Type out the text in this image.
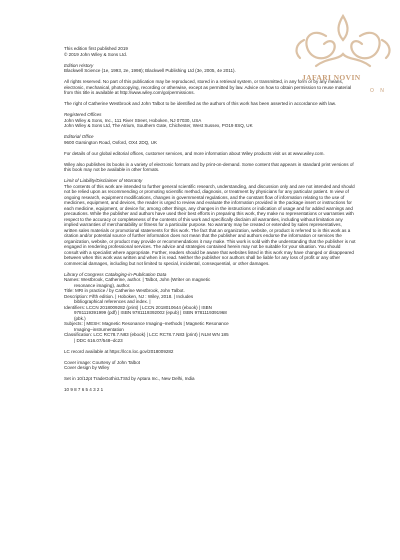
JAFARI NOVIN
O N

This edition first published 2019

© 2019 John Wiley & Sons Ltd.

Edition History

Blackwell Science (1e, 1993, 2e, 1998); Blackwell Publishing Ltd (3e, 2005, 4e 2011).

All rights reserved. No part of this publication may be reproduced, stored in a retrieval system, or transmitted, in any form or by any means, electronic, mechanical, photocopying, recording or otherwise, except as permitted by law. Advice on how to obtain permission to reuse material from this title is available at http://www.wiley.com/go/permissions.

The right of Catherine Westbrook and John Talbot to be identified as the authors of this work has been asserted in accordance with law.

Registered Offices

John Wiley & Sons, Inc., 111 River Street, Hoboken, NJ 07030, USA

John Wiley & Sons Ltd, The Atrium, Southern Gate, Chichester, West Sussex, PO19 8SQ, UK

Editorial Office

9600 Garsington Road, Oxford, OX4 2DQ, UK

For details of our global editorial offices, customer services, and more information about Wiley products visit us at www.wiley.com.

Wiley also publishes its books in a variety of electronic formats and by print-on-demand. Some content that appears in standard print versions of this book may not be available in other formats.

Limit of Liability/Disclaimer of Warranty

The contents of this work are intended to further general scientific research, understanding, and discussion only and are not intended and should not be relied upon as recommending or promoting scientific method, diagnosis, or treatment by physicians for any particular patient. In view of ongoing research, equipment modifications, changes in governmental regulations, and the constant flow of information relating to the use of medicines, equipment, and devices, the reader is urged to review and evaluate the information provided in the package insert or instructions for each medicine, equipment, or device for, among other things, any changes in the instructions or indication of usage and for added warnings and precautions. While the publisher and authors have used their best efforts in preparing this work, they make no representations or warranties with respect to the accuracy or completeness of the contents of this work and specifically disclaim all warranties, including without limitation any implied warranties of merchantability or fitness for a particular purpose. No warranty may be created or extended by sales representatives, written sales materials or promotional statements for this work. The fact that an organization, website, or product is referred to in this work as a citation and/or potential source of further information does not mean that the publisher and authors endorse the information or services the organization, website, or product may provide or recommendations it may make. This work is sold with the understanding that the publisher is not engaged in rendering professional services. The advice and strategies contained herein may not be suitable for your situation. You should consult with a specialist where appropriate. Further, readers should be aware that websites listed in this work may have changed or disappeared between when this work was written and when it is read. Neither the publisher nor authors shall be liable for any loss of profit or any other commercial damages, including but not limited to special, incidental, consequential, or other damages.

Library of Congress Cataloging-in-Publication Data

Names: Westbrook, Catherine, author. | Talbot, John (Writer on magnetic

resonance imaging), author.

Title: MRI in practice / by Catherine Westbrook, John Talbot.

Description: Fifth edition. | Hoboken, NJ : Wiley, 2018. | Includes

bibliographical references and index. |

Identifiers: LCCN 2018009282 (print) | LCCN 2018010644 (ebook) | ISBN

9781119391999 (pdf) | ISBN 9781119392002 (epub) | ISBN 9781119391968

(pbk.)

Subjects: | MESH: Magnetic Resonance Imaging–methods | Magnetic Resonance

Imaging–instrumentation

Classification: LCC RC78.7.N83 (ebook) | LCC RC78.7.N83 (print) | NLM WN 185

| DDC 616.07/548–dc23

LC record available at https://lccn.loc.gov/2018009282

Cover image: Courtesy of John Talbot

Cover design by Wiley

Set in 10/12pt TradeGothicLTStd by Aptara Inc., New Delhi, India

10 9 8 7 6 5 4 3 2 1
